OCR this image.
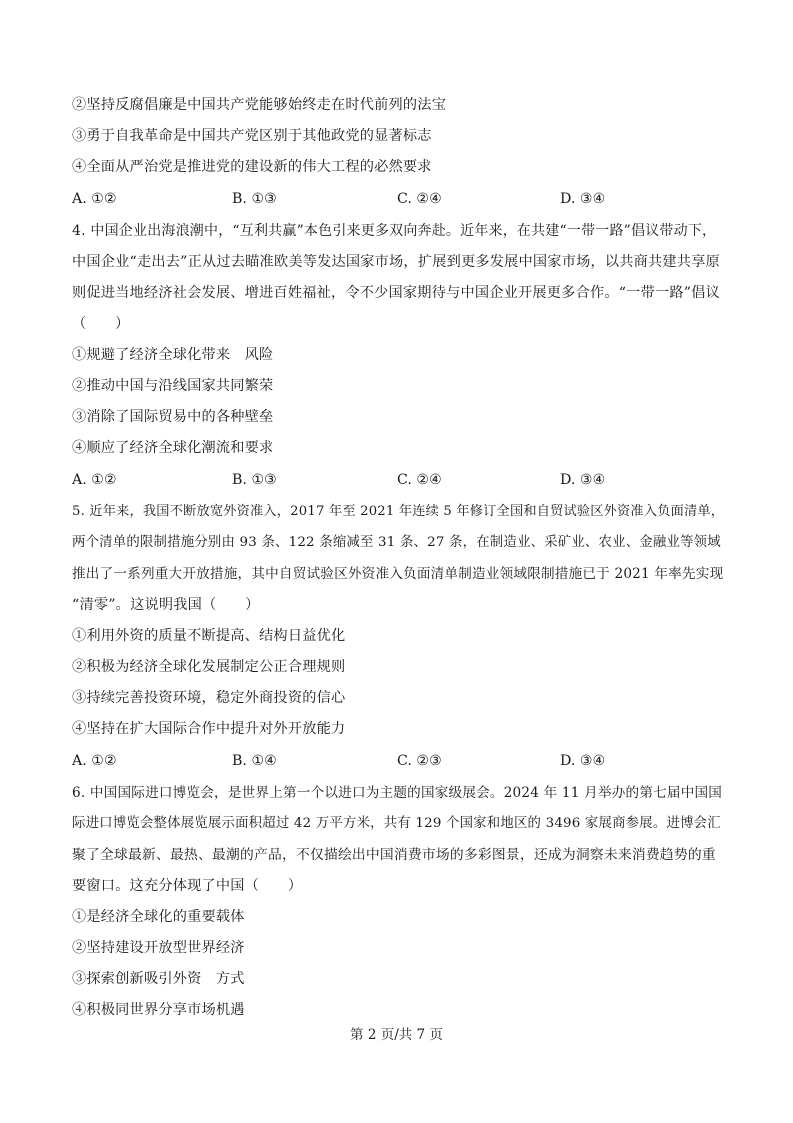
②坚持反腐倡廉是中国共产党能够始终走在时代前列的法宝
③勇于自我革命是中国共产党区别于其他政党的显著标志
④全面从严治党是推进党的建设新的伟大工程的必然要求
A. ①②	B. ①③	C. ②④	D. ③④
4. 中国企业出海浪潮中，“互利共赢”本色引来更多双向奔赴。近年来，在共建“一带一路”倡议带动下，
中国企业“走出去”正从过去瞄准欧美等发达国家市场，扩展到更多发展中国家市场，以共商共建共享原
则促进当地经济社会发展、增进百姓福祉，令不少国家期待与中国企业开展更多合作。“一带一路”倡议
（　　）
①规避了经济全球化带来　风险
②推动中国与沿线国家共同繁荣
③消除了国际贸易中的各种壁垒
④顺应了经济全球化潮流和要求
A. ①②	B. ①③	C. ②④	D. ③④
5. 近年来，我国不断放宽外资准入，2017 年至 2021 年连续 5 年修订全国和自贸试验区外资准入负面清单，
两个清单的限制措施分别由 93 条、122 条缩减至 31 条、27 条，在制造业、采矿业、农业、金融业等领域
推出了一系列重大开放措施，其中自贸试验区外资准入负面清单制造业领域限制措施已于 2021 年率先实现
“清零”。这说明我国（　　）
①利用外资的质量不断提高、结构日益优化
②积极为经济全球化发展制定公正合理规则
③持续完善投资环境，稳定外商投资的信心
④坚持在扩大国际合作中提升对外开放能力
A. ①②	B. ①④	C. ②③	D. ③④
6. 中国国际进口博览会，是世界上第一个以进口为主题的国家级展会。2024 年 11 月举办的第七届中国国
际进口博览会整体展览展示面积超过 42 万平方米，共有 129 个国家和地区的 3496 家展商参展。进博会汇
聚了全球最新、最热、最潮的产品，不仅描绘出中国消费市场的多彩图景，还成为洞察未来消费趋势的重
要窗口。这充分体现了中国（　　）
①是经济全球化的重要载体
②坚持建设开放型世界经济
③探索创新吸引外资　方式
④积极同世界分享市场机遇
第 2 页/共 7 页
